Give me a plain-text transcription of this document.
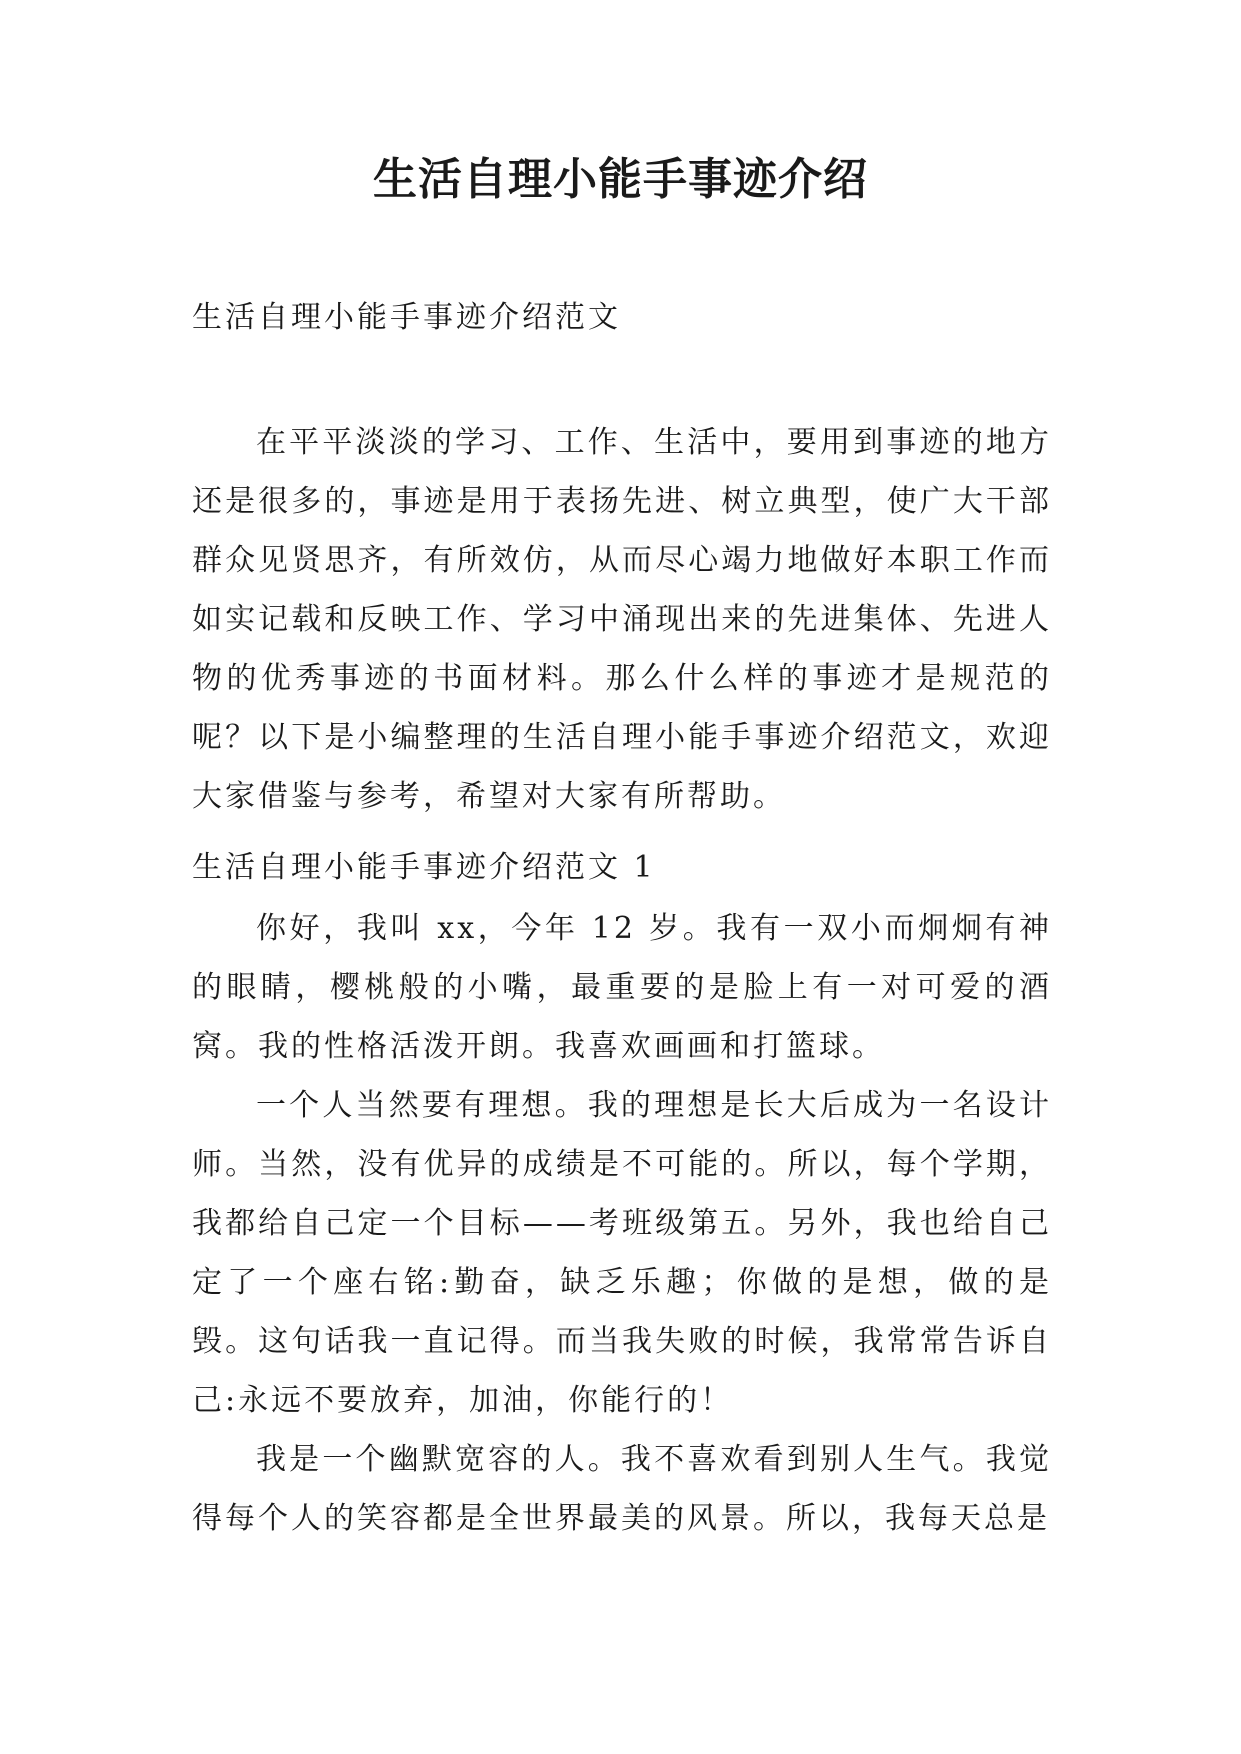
生活自理小能手事迹介绍

生活自理小能手事迹介绍范文

在平平淡淡的学习、工作、生活中，要用到事迹的地方还是很多的，事迹是用于表扬先进、树立典型，使广大干部群众见贤思齐，有所效仿，从而尽心竭力地做好本职工作而如实记载和反映工作、学习中涌现出来的先进集体、先进人物的优秀事迹的书面材料。那么什么样的事迹才是规范的呢？以下是小编整理的生活自理小能手事迹介绍范文，欢迎大家借鉴与参考，希望对大家有所帮助。

生活自理小能手事迹介绍范文 1

你好，我叫 xx，今年 12 岁。我有一双小而炯炯有神的眼睛，樱桃般的小嘴，最重要的是脸上有一对可爱的酒窝。我的性格活泼开朗。我喜欢画画和打篮球。

一个人当然要有理想。我的理想是长大后成为一名设计师。当然，没有优异的成绩是不可能的。所以，每个学期，我都给自己定一个目标——考班级第五。另外，我也给自己定了一个座右铭:勤奋，缺乏乐趣；你做的是想，做的是毁。这句话我一直记得。而当我失败的时候，我常常告诉自己:永远不要放弃，加油，你能行的！

我是一个幽默宽容的人。我不喜欢看到别人生气。我觉得每个人的笑容都是全世界最美的风景。所以，我每天总是
